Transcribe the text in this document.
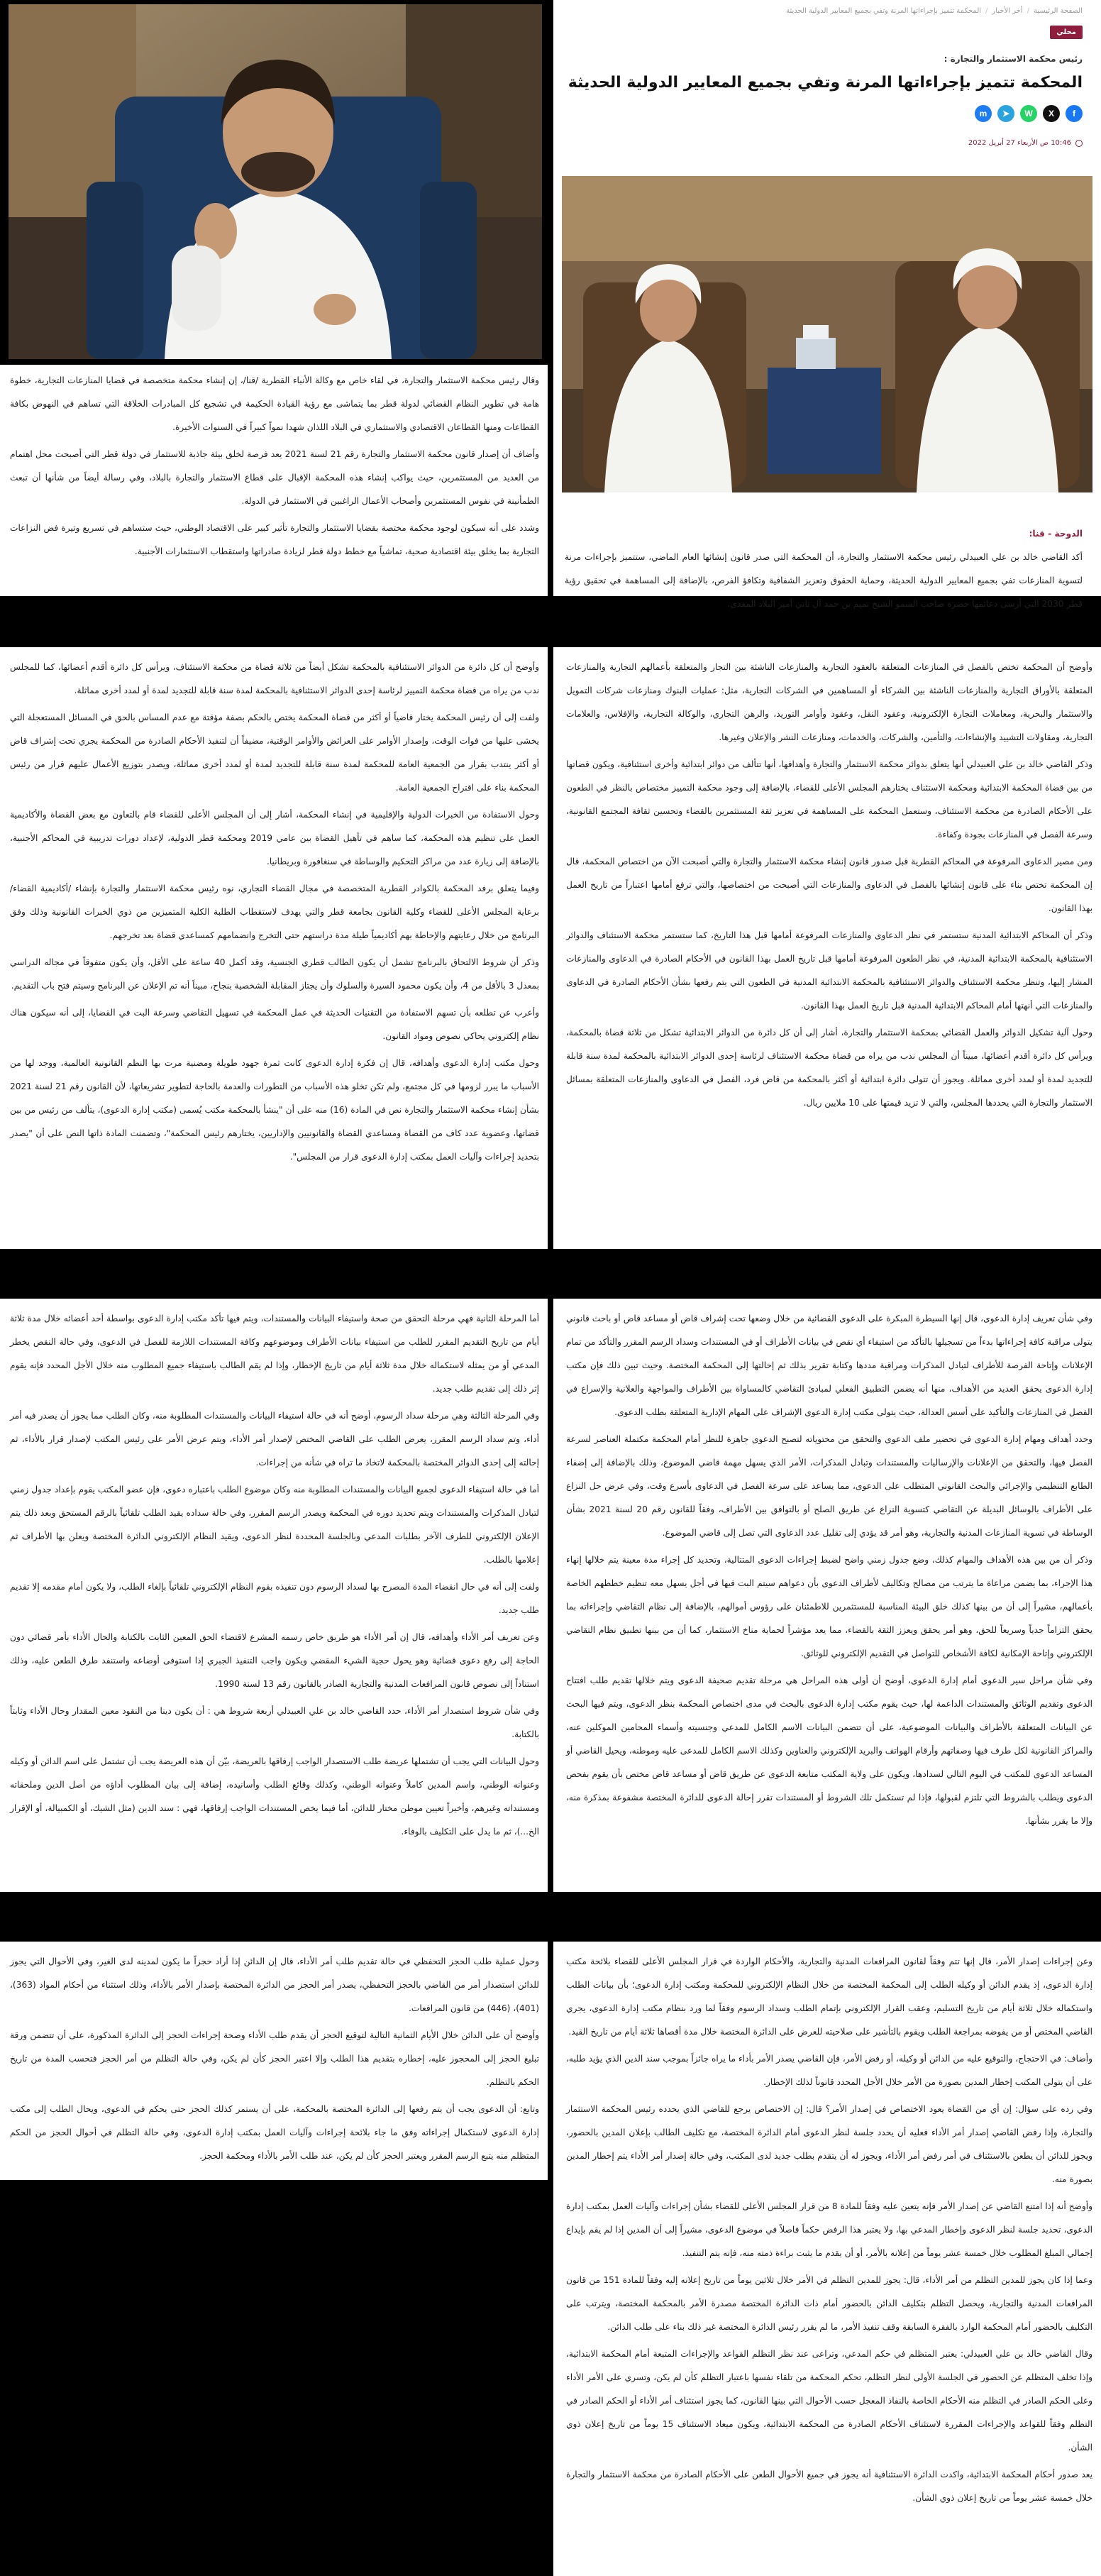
الصفحة الرئيسية
/
أخر الأخبار
/
المحكمة تتميز بإجراءاتها المرنة وتفي بجميع المعايير الدولية الحديثة
محلي
رئيس محكمة الاستثمار والتجارة :
المحكمة تتميز بإجراءاتها المرنة وتفي بجميع المعايير الدولية الحديثة
f
X
W
➤
m
10:46 ص الأربعاء 27 أبريل 2022
الدوحة - قنا:
أكد القاضي خالد بن علي العبيدلي رئيس محكمة الاستثمار والتجارة، أن المحكمة التي صدر قانون إنشائها العام الماضي، ستتميز بإجراءات مرنة لتسوية المنازعات تفي بجميع المعايير الدولية الحديثة، وحماية الحقوق وتعزيز الشفافية وتكافؤ الفرص، بالإضافة إلى المساهمة في تحقيق رؤية قطر 2030 التي أرسى دعائمها حضرة صاحب السمو الشيخ تميم بن حمد آل ثاني أمير البلاد المفدى.

وقال رئيس محكمة الاستثمار والتجارة، في لقاء خاص مع وكالة الأنباء القطرية /قنا/، إن إنشاء محكمة متخصصة في قضايا المنازعات التجارية، خطوة هامة في تطوير النظام القضائي لدولة قطر بما يتماشى مع رؤية القيادة الحكيمة في تشجيع كل المبادرات الخلاقة التي تساهم في النهوض بكافة القطاعات ومنها القطاعان الاقتصادي والاستثماري في البلاد اللذان شهدا نمواً كبيراً في السنوات الأخيرة.

وأضاف أن إصدار قانون محكمة الاستثمار والتجارة رقم 21 لسنة 2021 يعد فرصة لخلق بيئة جاذبة للاستثمار في دولة قطر التي أصبحت محل اهتمام من العديد من المستثمرين، حيث يواكب إنشاء هذه المحكمة الإقبال على قطاع الاستثمار والتجارة بالبلاد، وفي رسالة أيضاً من شأنها أن تبعث الطمأنينة في نفوس المستثمرين وأصحاب الأعمال الراغبين في الاستثمار في الدولة.

وشدد على أنه سيكون لوجود محكمة مختصة بقضايا الاستثمار والتجارة تأثير كبير على الاقتصاد الوطني، حيث ستساهم في تسريع وتيرة فض النزاعات التجارية بما يخلق بيئة اقتصادية صحية، تماشياً مع خطط دولة قطر لزيادة صادراتها واستقطاب الاستثمارات الأجنبية.

وأوضح أن المحكمة تختص بالفصل في المنازعات المتعلقة بالعقود التجارية والمنازعات الناشئة بين التجار والمتعلقة بأعمالهم التجارية والمنازعات المتعلقة بالأوراق التجارية والمنازعات الناشئة بين الشركاء أو المساهمين في الشركات التجارية، مثل: عمليات البنوك ومنازعات شركات التمويل والاستثمار والبحرية، ومعاملات التجارة الإلكترونية، وعقود النقل، وعقود وأوامر التوريد، والرهن التجاري، والوكالة التجارية، والإفلاس، والعلامات التجارية، ومقاولات التشييد والإنشاءات، والتأمين، والشركات، والخدمات، ومنازعات النشر والإعلان وغيرها.

وذكر القاضي خالد بن علي العبيدلي أنها يتعلق بدوائر محكمة الاستثمار والتجارة وأهدافها، أنها تتألف من دوائر ابتدائية وأخرى استئنافية، ويكون قضاتها من بين قضاة المحكمة الابتدائية ومحكمة الاستئناف يختارهم المجلس الأعلى للقضاء، بالإضافة إلى وجود محكمة التمييز مختصاص بالنظر في الطعون على الأحكام الصادرة من محكمة الاستئناف، وستعمل المحكمة على المساهمة في تعزيز ثقة المستثمرين بالقضاء وتحسين ثقافة المجتمع القانونية، وسرعة الفصل في المنازعات بجودة وكفاءة.

ومن مصير الدعاوى المرفوعة في المحاكم القطرية قبل صدور قانون إنشاء محكمة الاستثمار والتجارة والتي أصبحت الآن من اختصاص المحكمة، قال إن المحكمة تختص بناء على قانون إنشائها بالفصل في الدعاوى والمنازعات التي أصبحت من اختصاصها، والتي ترفع أمامها اعتباراً من تاريخ العمل بهذا القانون.

وذكر أن المحاكم الابتدائية المدنية ستستمر في نظر الدعاوى والمنازعات المرفوعة أمامها قبل هذا التاريخ، كما ستستمر محكمة الاستئناف والدوائر الاستئنافية بالمحكمة الابتدائية المدنية، في نظر الطعون المرفوعة أمامها قبل تاريخ العمل بهذا القانون في الأحكام الصادرة في الدعاوى والمنازعات المشار إليها، وتنظر محكمة الاستئناف والدوائر الاستئنافية بالمحكمة الابتدائية المدنية في الطعون التي يتم رفعها بشأن الأحكام الصادرة في الدعاوى والمنازعات التي أنهتها أمام المحاكم الابتدائية المدنية قبل تاريخ العمل بهذا القانون.

وحول آلية تشكيل الدوائر والعمل القضائي بمحكمة الاستثمار والتجارة، أشار إلى أن كل دائرة من الدوائر الابتدائية تشكل من ثلاثة قضاة بالمحكمة، ويرأس كل دائرة أقدم أعضائها، مبيناً أن المجلس ندب من يراه من قضاة محكمة الاستئناف لرئاسة إحدى الدوائر الابتدائية بالمحكمة لمدة سنة قابلة للتجديد لمدة أو لمدد أخرى مماثلة. ويجوز أن تتولى دائرة ابتدائية أو أكثر بالمحكمة من قاض فرد، الفصل في الدعاوى والمنازعات المتعلقة بمسائل الاستثمار والتجارة التي يحددها المجلس، والتي لا تزيد قيمتها على 10 ملايين ريال.

وأوضح أن كل دائرة من الدوائر الاستئنافية بالمحكمة تشكل أيضاً من ثلاثة قضاة من محكمة الاستئناف، ويرأس كل دائرة أقدم أعضائها، كما للمجلس ندب من يراه من قضاة محكمة التمييز لرئاسة إحدى الدوائر الاستئنافية بالمحكمة لمدة سنة قابلة للتجديد لمدة أو لمدد أخرى مماثلة.

ولفت إلى أن رئيس المحكمة يختار قاضياً أو أكثر من قضاة المحكمة يختص بالحكم بصفة مؤقتة مع عدم المساس بالحق في المسائل المستعجلة التي يخشى عليها من فوات الوقت، وإصدار الأوامر على العرائض والأوامر الوقتية، مضيفاً أن لتنفيذ الأحكام الصادرة من المحكمة يجري تحت إشراف قاض أو أكثر ينتدب بقرار من الجمعية العامة للمحكمة لمدة سنة قابلة للتجديد لمدة أو لمدد أخرى مماثلة، ويصدر بتوزيع الأعمال عليهم قرار من رئيس المحكمة بناء على اقتراح الجمعية العامة.

وحول الاستفادة من الخبرات الدولية والإقليمية في إنشاء المحكمة، أشار إلى أن المجلس الأعلى للقضاء قام بالتعاون مع بعض القضاة والأكاديمية العمل على تنظيم هذه المحكمة، كما ساهم في تأهيل القضاة بين عامي 2019 ومحكمة قطر الدولية، لإعداد دورات تدريبية في المحاكم الأجنبية، بالإضافة إلى زيارة عدد من مراكز التحكيم والوساطة في سنغافورة وبريطانيا.

وفيما يتعلق برفد المحكمة بالكوادر القطرية المتخصصة في مجال القضاء التجاري، نوه رئيس محكمة الاستثمار والتجارة بإنشاء /أكاديمية القضاء/ برعاية المجلس الأعلى للقضاء وكلية القانون بجامعة قطر والتي يهدف لاستقطاب الطلبة الكلية المتميزين من ذوي الخبرات القانونية وذلك وفق البرنامج من خلال رعايتهم والإحاطة بهم أكاديمياً طيلة مدة دراستهم حتى التخرج وانضمامهم كمساعدي قضاة بعد تخرجهم.

وذكر أن شروط الالتحاق بالبرنامج تشمل أن يكون الطالب قطري الجنسية، وقد أكمل 40 ساعة على الأقل، وأن يكون متفوقاً في مجاله الدراسي بمعدل 3 بالأقل من 4، وأن يكون محمود السيرة والسلوك وأن يجتاز المقابلة الشخصية بنجاح، مبيناً أنه تم الإعلان عن البرنامج وسيتم فتح باب التقديم.

وأعرب عن تطلعه بأن تسهم الاستفادة من التقنيات الحديثة في عمل المحكمة في تسهيل التقاضي وسرعة البت في القضايا، إلى أنه سيكون هناك نظام إلكتروني يحاكي نصوص ومواد القانون.

وحول مكتب إدارة الدعوى وأهدافه، قال إن فكرة إدارة الدعوى كانت ثمرة جهود طويلة ومضنية مرت بها النظم القانونية العالمية، ووجد لها من الأسباب ما يبرر لزومها في كل مجتمع، ولم تكن تخلو هذه الأسباب من التطورات والعدمة بالحاجة لتطوير تشريعاتها، لأن القانون رقم 21 لسنة 2021 بشأن إنشاء محكمة الاستثمار والتجارة نص في المادة (16) منه على أن "ينشأ بالمحكمة مكتب يُسمى (مكتب إدارة الدعوى)، يتألف من رئيس من بين قضاتها، وعضوية عدد كاف من القضاة ومساعدي القضاة والقانونيين والإداريين، يختارهم رئيس المحكمة"، وتضمنت المادة ذاتها النص على أن "يصدر بتحديد إجراءات وآليات العمل بمكتب إدارة الدعوى قرار من المجلس".

وفي شأن تعريف إدارة الدعوى، قال إنها السيطرة المبكرة على الدعوى القضائية من خلال وضعها تحت إشراف قاض أو مساعد قاض أو باحث قانوني يتولى مراقبة كافة إجراءاتها بدءاً من تسجيلها بالتأكد من استيفاء أي نقص في بيانات الأطراف أو في المستندات وسداد الرسم المقرر والتأكد من تمام الإعلانات وإتاحة الفرصة للأطراف لتبادل المذكرات ومراقبة مددها وكتابة تقرير بذلك ثم إحالتها إلى المحكمة المختصة. وحيث تبين ذلك فإن مكتب إدارة الدعوى يحقق العديد من الأهداف، منها أنه يضمن التطبيق الفعلي لمبادئ التقاضي كالمساواة بين الأطراف والمواجهة والعلانية والإسراع في الفصل في المنازعات والتأكيد على أسس العدالة، حيث يتولى مكتب إدارة الدعوى الإشراف على المهام الإدارية المتعلقة بطلب الدعوى.

وحدد أهداف ومهام إدارة الدعوى في تحضير ملف الدعوى والتحقق من محتوياته لتصبح الدعوى جاهزة للنظر أمام المحكمة مكتملة العناصر لسرعة الفصل فيها، والتحقق من الإعلانات والإرساليات والمستندات وتبادل المذكرات، الأمر الذي يسهل مهمة قاضي الموضوع، وذلك بالإضافة إلى إضفاء الطابع التنظيمي والإجرائي والبحث القانوني المتطلب على الدعوى، مما يساعد على سرعة الفصل في الدعاوى بأسرع وقت، وفي عرض حل النزاع على الأطراف بالوسائل البديلة عن التقاضي كتسوية النزاع عن طريق الصلح أو بالتوافق بين الأطراف، وفقاً للقانون رقم 20 لسنة 2021 بشأن الوساطة في تسوية المنازعات المدنية والتجارية، وهو أمر قد يؤدي إلى تقليل عدد الدعاوى التي تصل إلى قاضي الموضوع.

وذكر أن من بين هذه الأهداف والمهام كذلك، وضع جدول زمني واضح لضبط إجراءات الدعوى المتتالية، وتحديد كل إجراء مدة معينة يتم خلالها إنهاء هذا الإجراء، بما يضمن مراعاة ما يترتب من مصالح وتكاليف لأطراف الدعوى بأن دعواهم سيتم البت فيها في أجل يسهل معه تنظيم خططهم الخاصة بأعمالهم، مشيراً إلى أن من بينها كذلك خلق البيئة المناسبة للمستثمرين للاطمئنان على رؤوس أموالهم، بالإضافة إلى نظام التقاضي وإجراءاته بما يحقق التزاماً جدياً وسريعاً للحق، وهو أمر يحقق ويعزز الثقة بالقضاء، مما يعد مؤشراً لحماية مناخ الاستثمار، كما أن من بينها تطبيق نظام التقاضي الإلكتروني وإتاحة الإمكانية لكافة الأشخاص للتواصل في التقديم الإلكتروني للوثائق.

وفي شأن مراحل سير الدعوى أمام إدارة الدعوى، أوضح أن أولى هذه المراحل هي مرحلة تقديم صحيفة الدعوى ويتم خلالها تقديم طلب افتتاح الدعوى وتقديم الوثائق والمستندات الداعمة لها، حيث يقوم مكتب إدارة الدعوى بالبحث في مدى اختصاص المحكمة بنظر الدعوى، ويتم فيها البحث عن البيانات المتعلقة بالأطراف والبيانات الموضوعية، على أن تتضمن البيانات الاسم الكامل للمدعي وجنسيته وأسماء المحامين الموكلين عنه، والمراكز القانونية لكل طرف فيها وصفاتهم وأرقام الهواتف والبريد الإلكتروني والعناوين وكذلك الاسم الكامل للمدعى عليه وموطنه، ويحيل القاضي أو المساعد الدعوى للمكتب في اليوم التالي لسدادها، ويكون على ولاية المكتب متابعة الدعوى عن طريق قاض أو مساعد قاض مختص بأن يقوم بفحص الدعوى ويطلب بالشروط التي تلتزم لقبولها، فإذا لم تستكمل تلك الشروط أو المستندات تقرر إحالة الدعوى للدائرة المختصة مشفوعة بمذكرة منه، وإلا ما يقرر بشأنها.

أما المرحلة الثانية فهي مرحلة التحقق من صحة واستيفاء البيانات والمستندات، ويتم فيها تأكد مكتب إدارة الدعوى بواسطة أحد أعضائه خلال مدة ثلاثة أيام من تاريخ التقديم المقرر للطلب من استيفاء بيانات الأطراف وموضوعهم وكافة المستندات اللازمة للفصل في الدعوى، وفي حالة النقص يخطر المدعي أو من يمثله لاستكماله خلال مدة ثلاثة أيام من تاريخ الإخطار، وإذا لم يقم الطالب باستيفاء جميع المطلوب منه خلال الأجل المحدد فإنه يقوم إثر ذلك إلى تقديم طلب جديد.

وفي المرحلة الثالثة وهي مرحلة سداد الرسوم، أوضح أنه في حالة استيفاء البيانات والمستندات المطلوبة منه، وكان الطلب مما يجوز أن يصدر فيه أمر أداء، وتم سداد الرسم المقرر، يعرض الطلب على القاضي المختص لإصدار أمر الأداء، ويتم عرض الأمر على رئيس المكتب لإصدار قرار بالأداء، ثم إحالته إلى إحدى الدوائر المختصة بالمحكمة لاتخاذ ما تراه في شأنه من إجراءات.

أما في حالة استيفاء الدعوى لجميع البيانات والمستندات المطلوبة منه وكان موضوع الطلب باعتباره دعوى، فإن عضو المكتب يقوم بإعداد جدول زمني لتبادل المذكرات والمستندات ويتم تحديد دوره في المحكمة ويصدر الرسم المقرر، وفي حالة سداده يقيد الطلب تلقائياً بالرقم المستحق وبعد ذلك يتم الإعلان الإلكتروني للطرف الآخر بطلبات المدعي وبالجلسة المحددة لنظر الدعوى، ويقيد النظام الإلكتروني الدائرة المختصة ويعلن بها الأطراف ثم إعلامها بالطلب.

ولفت إلى أنه في حال انقضاء المدة المصرح بها لسداد الرسوم دون تنفيذه بقوم النظام الإلكتروني تلقائياً بإلغاء الطلب، ولا يكون أمام مقدمه إلا تقديم طلب جديد.

وعن تعريف أمر الأداء وأهدافه، قال إن أمر الأداء هو طريق خاص رسمه المشرع لاقتضاء الحق المعين الثابت بالكتابة والحال الأداء بأمر قضائي دون الحاجة إلى رفع دعوى قضائية وهو يحول حجية الشيء المقضي ويكون واجب التنفيذ الجبري إذا استوفى أوضاعه واستنفد طرق الطعن عليه، وذلك استناداً إلى نصوص قانون المرافعات المدنية والتجارية الصادر بالقانون رقم 13 لسنة 1990.

وفي شأن شروط استصدار أمر الأداء، حدد القاضي خالد بن علي العبيدلي أربعة شروط هي : أن يكون دينا من النقود معين المقدار وحال الأداء وثابتاً بالكتابة.

وحول البيانات التي يجب أن تشتملها عريضة طلب الاستصدار الواجب إرفاقها بالعريضة، بيّن أن هذه العريضة يجب أن تشتمل على اسم الدائن أو وكيله وعنوانه الوطني، واسم المدين كاملاً وعنوانه الوطني، وكذلك وقائع الطلب وأسانيده، إضافة إلى بيان المطلوب أداؤه من أصل الدين وملحقاته ومستنداته وغيرهم، وأخيراً تعيين موطن مختار للدائن، أما فيما يخص المستندات الواجب إرفاقها، فهي : سند الدين (مثل الشيك، أو الكمبيالة، أو الإقرار الخ...)، ثم ما يدل على التكليف بالوفاء.

وعن إجراءات إصدار الأمر، قال إنها تتم وفقاً لقانون المرافعات المدنية والتجارية، والأحكام الواردة في قرار المجلس الأعلى للقضاء بلائحة مكتب إدارة الدعوى، إذ يقدم الدائن أو وكيله الطلب إلى المحكمة المختصة من خلال النظام الإلكتروني للمحكمة ومكتب إدارة الدعوى؛ بأن بيانات الطلب واستكماله خلال ثلاثة أيام من تاريخ التسليم، وعقب القرار الإلكتروني بإتمام الطلب وسداد الرسوم وفقاً لما ورد بنظام مكتب إدارة الدعوى، يجري القاضي المختص أو من يفوضه بمراجعة الطلب ويقوم بالتأشير على صلاحيته للعرض على الدائرة المختصة خلال مدة أقصاها ثلاثة أيام من تاريخ القيد.

وأضاف: في الاحتجاج، والتوقيع عليه من الدائن أو وكيله، أو رفض الأمر، فإن القاضي يصدر الأمر بأداء ما يراه جائزاً بموجب سند الدين الذي يؤيد طلبه، على أن يتولى المكتب إخطار المدين بصورة من الأمر خلال الأجل المحدد قانوناً لذلك الإخطار.

وفي رده على سؤال: إن أي من القضاة يعود الاختصاص في إصدار الأمر؟ قال: إن الاختصاص يرجع للقاضي الذي يحدده رئيس المحكمة الاستثمار والتجارة، وإذا رفض القاضي إصدار أمر الأداء فعليه أن يحدد جلسة لنظر الدعوى أمام الدائرة المختصة، مع تكليف الطالب بإعلان المدين بالحضور، ويجوز للدائن أن يطعن بالاستئناف في أمر رفض أمر الأداء، ويجوز له أن يتقدم بطلب جديد لدى المكتب، وفي حالة إصدار أمر الأداء يتم إخطار المدين بصورة منه.

وأوضح أنه إذا امتنع القاضي عن إصدار الأمر فإنه يتعين عليه وفقاً للمادة 8 من قرار المجلس الأعلى للقضاء بشأن إجراءات وآليات العمل بمكتب إدارة الدعوى، تحديد جلسة لنظر الدعوى وإخطار المدعي بها، ولا يعتبر هذا الرفض حكماً فاصلاً في موضوع الدعوى، مشيراً إلى أن المدين إذا لم يقم بإيداع إجمالي المبلغ المطلوب خلال خمسة عشر يوماً من إعلانه بالأمر، أو أن يقدم ما يثبت براءة ذمته منه، فإنه يتم التنفيذ.

وعما إذا كان يجوز للمدين التظلم من أمر الأداء، قال: يجوز للمدين التظلم في الأمر خلال ثلاثين يوماً من تاريخ إعلانه إليه وفقاً للمادة 151 من قانون المرافعات المدنية والتجارية، ويحصل التظلم بتكليف الدائن بالحضور أمام ذات الدائرة المختصة مصدرة الأمر بالمحكمة المختصة، ويترتب على التكليف بالحضور أمام المحكمة الوارد بالفقرة السابقة وقف تنفيذ الأمر، ما لم يقرر رئيس الدائرة المختصة غير ذلك بناء على طلب الدائن.

وقال القاضي خالد بن علي العبيدلي: يعتبر المتظلم في حكم المدعي، وتراعى عند نظر التظلم القواعد والإجراءات المتبعة أمام المحكمة الابتدائية، وإذا تخلف المتظلم عن الحضور في الجلسة الأولى لنظر التظلم، تحكم المحكمة من تلقاء نفسها باعتبار التظلم كأن لم يكن، وتسري على الأمر الأداء وعلى الحكم الصادر في التظلم منه الأحكام الخاصة بالنفاذ المعجل حسب الأحوال التي بينها القانون، كما يجوز استئناف أمر الأداء أو الحكم الصادر في التظلم وفقاً للقواعد والإجراءات المقررة لاستئناف الأحكام الصادرة من المحكمة الابتدائية، ويكون ميعاد الاستئناف 15 يوماً من تاريخ إعلان ذوي الشأن.

يعد صدور أحكام المحكمة الابتدائية، واكدت الدائرة الاستئنافية أنه يجوز في جميع الأحوال الطعن على الأحكام الصادرة من محكمة الاستثمار والتجارة خلال خمسة عشر يوماً من تاريخ إعلان ذوي الشأن.

وحول عملية طلب الحجز التحفظي في حالة تقديم طلب أمر الأداء، قال إن الدائن إذا أراد حجزاً ما يكون لمدينه لدى الغير، وفي الأحوال التي يجوز للدائن استصدار أمر من القاضي بالحجز التحفظي، يصدر أمر الحجز من الدائرة المختصة بإصدار الأمر بالأداء، وذلك استثناء من أحكام المواد (363)، (401)، (446) من قانون المرافعات.

وأوضح أن على الدائن خلال الأيام الثمانية التالية لتوقيع الحجز أن يقدم طلب الأداء وصحة إجراءات الحجز إلى الدائرة المذكورة، على أن تتضمن ورقة تبليغ الحجز إلى المحجوز عليه، إخطاره بتقديم هذا الطلب وإلا اعتبر الحجز كأن لم يكن، وفي حالة التظلم من أمر الحجز فتحسب المدة من تاريخ الحكم بالتظلم.

وتابع: أن الدعوى يجب أن يتم رفعها إلى الدائرة المختصة بالمحكمة، على أن يستمر كذلك الحجز حتى يحكم في الدعوى، ويحال الطلب إلى مكتب إدارة الدعوى لاستكمال إجراءاته وفق ما جاء بلائحة إجراءات وآليات العمل بمكتب إدارة الدعوى، وفي حالة التظلم في أحوال الحجز من الحكم المتظلم منه يتبع الرسم المقرر ويعتبر الحجز كأن لم يكن، عند طلب الأمر بالأداء ومحكمة الحجز.
